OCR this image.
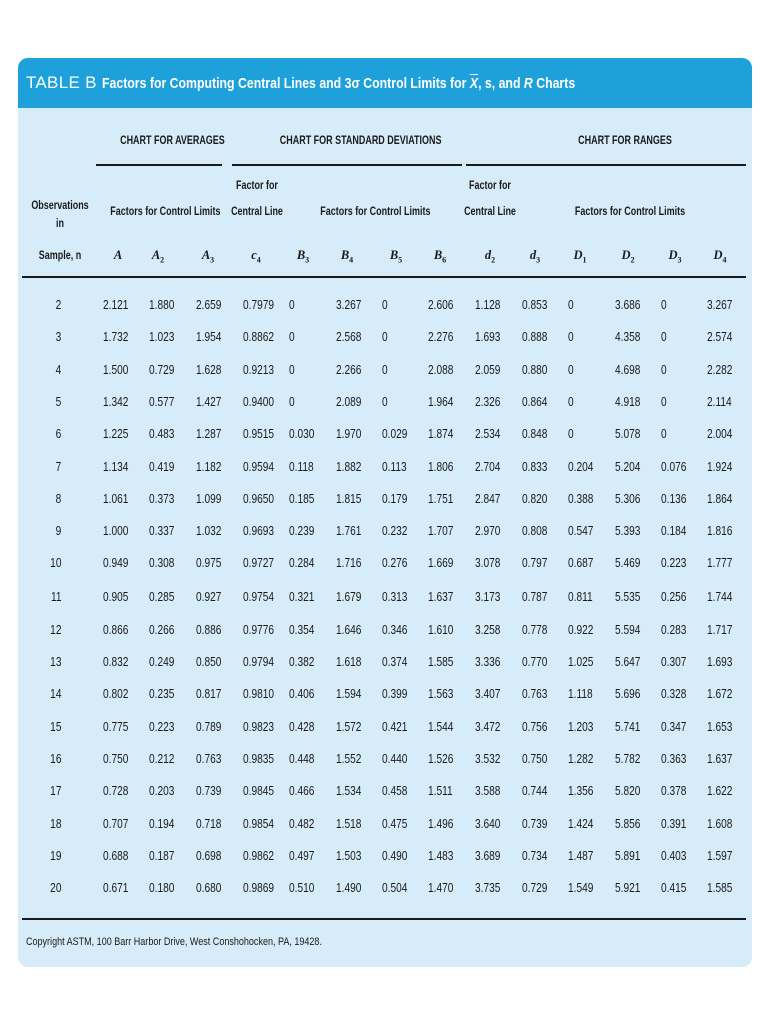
TABLE B Factors for Computing Central Lines and 3σ Control Limits for $\overline{X}$, s, and R Charts
CHART FOR AVERAGES	CHART FOR STANDARD DEVIATIONS	CHART FOR RANGES
Observations
in
Sample, n
Factors for Control Limits
Factor for
Central Line	Factors for Control Limits
Factor for
Central Line	Factors for Control Limits
A	$A_2$	$A_3$	$c_4$	$B_3$	$B_4$	$B_5$	$B_6$	$d_2$	$d_3$	$D_1$	$D_2$	$D_3$	$D_4$
2	2.121 1.880 2.659 0.7979 0	3.267 0	2.606 1.128 0.853 0	3.686 0	3.267
3	1.732 1.023 1.954 0.8862 0	2.568 0	2.276 1.693 0.888 0	4.358 0	2.574
4	1.500 0.729 1.628 0.9213 0	2.266 0	2.088 2.059 0.880 0	4.698 0	2.282
5	1.342 0.577 1.427 0.9400 0	2.089 0	1.964 2.326 0.864 0	4.918 0	2.114
6	1.225 0.483 1.287 0.9515 0.030 1.970 0.029 1.874 2.534 0.848 0	5.078 0	2.004
7	1.134 0.419 1.182 0.9594 0.118 1.882 0.113 1.806 2.704 0.833 0.204 5.204 0.076 1.924
8	1.061 0.373 1.099 0.9650 0.185 1.815 0.179 1.751 2.847 0.820 0.388 5.306 0.136 1.864
9	1.000 0.337 1.032 0.9693 0.239 1.761 0.232 1.707 2.970 0.808 0.547 5.393 0.184 1.816
10	0.949 0.308 0.975 0.9727 0.284 1.716 0.276 1.669 3.078 0.797 0.687 5.469 0.223 1.777
11	0.905 0.285 0.927 0.9754 0.321 1.679 0.313 1.637 3.173 0.787 0.811 5.535 0.256 1.744
12	0.866 0.266 0.886 0.9776 0.354 1.646 0.346 1.610 3.258 0.778 0.922 5.594 0.283 1.717
13	0.832 0.249 0.850 0.9794 0.382 1.618 0.374 1.585 3.336 0.770 1.025 5.647 0.307 1.693
14	0.802 0.235 0.817 0.9810 0.406 1.594 0.399 1.563 3.407 0.763 1.118 5.696 0.328 1.672
15	0.775 0.223 0.789 0.9823 0.428 1.572 0.421 1.544 3.472 0.756 1.203 5.741 0.347 1.653
16	0.750 0.212 0.763 0.9835 0.448 1.552 0.440 1.526 3.532 0.750 1.282 5.782 0.363 1.637
17	0.728 0.203 0.739 0.9845 0.466 1.534 0.458 1.511 3.588 0.744 1.356 5.820 0.378 1.622
18	0.707 0.194 0.718 0.9854 0.482 1.518 0.475 1.496 3.640 0.739 1.424 5.856 0.391 1.608
19	0.688 0.187 0.698 0.9862 0.497 1.503 0.490 1.483 3.689 0.734 1.487 5.891 0.403 1.597
20	0.671 0.180 0.680 0.9869 0.510 1.490 0.504 1.470 3.735 0.729 1.549 5.921 0.415 1.585
Copyright ASTM, 100 Barr Harbor Drive, West Conshohocken, PA, 19428.
